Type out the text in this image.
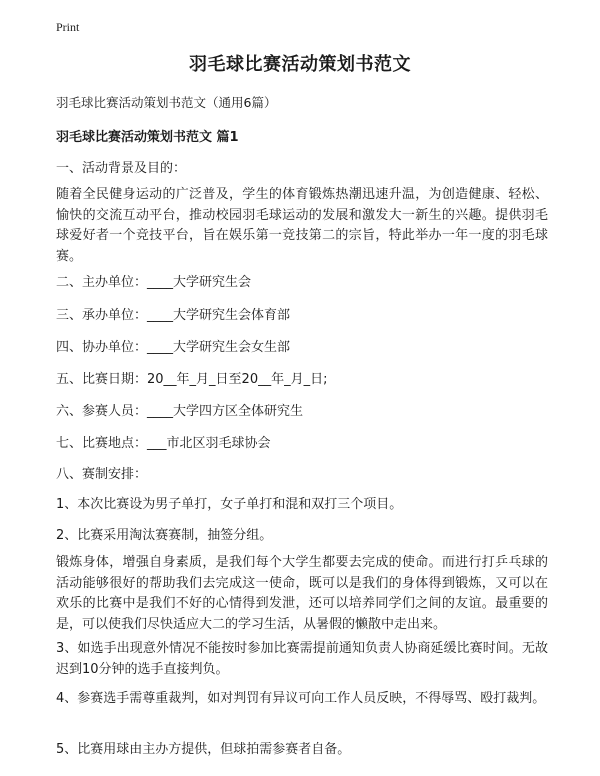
Print
羽毛球比赛活动策划书范文
羽毛球比赛活动策划书范文（通用6篇）
羽毛球比赛活动策划书范文 篇1
一、活动背景及目的：
随着全民健身运动的广泛普及，学生的体育锻炼热潮迅速升温，为创造健康、轻松、愉快的交流互动平台，推动校园羽毛球运动的发展和激发大一新生的兴趣。提供羽毛球爱好者一个竞技平台，旨在娱乐第一竞技第二的宗旨，特此举办一年一度的羽毛球赛。
二、主办单位：____大学研究生会
三、承办单位：____大学研究生会体育部
四、协办单位：____大学研究生会女生部
五、比赛日期：20__年_月_日至20__年_月_日;
六、参赛人员：____大学四方区全体研究生
七、比赛地点：___市北区羽毛球协会
八、赛制安排：
1、本次比赛设为男子单打，女子单打和混和双打三个项目。
2、比赛采用淘汰赛赛制，抽签分组。
锻炼身体，增强自身素质，是我们每个大学生都要去完成的使命。而进行打乒乓球的活动能够很好的帮助我们去完成这一使命，既可以是我们的身体得到锻炼，又可以在欢乐的比赛中是我们不好的心情得到发泄，还可以培养同学们之间的友谊。最重要的是，可以使我们尽快适应大二的学习生活，从暑假的懒散中走出来。
3、如选手出现意外情况不能按时参加比赛需提前通知负责人协商延缓比赛时间。无故迟到10分钟的选手直接判负。
4、参赛选手需尊重裁判，如对判罚有异议可向工作人员反映，不得辱骂、殴打裁判。
5、比赛用球由主办方提供，但球拍需参赛者自备。
